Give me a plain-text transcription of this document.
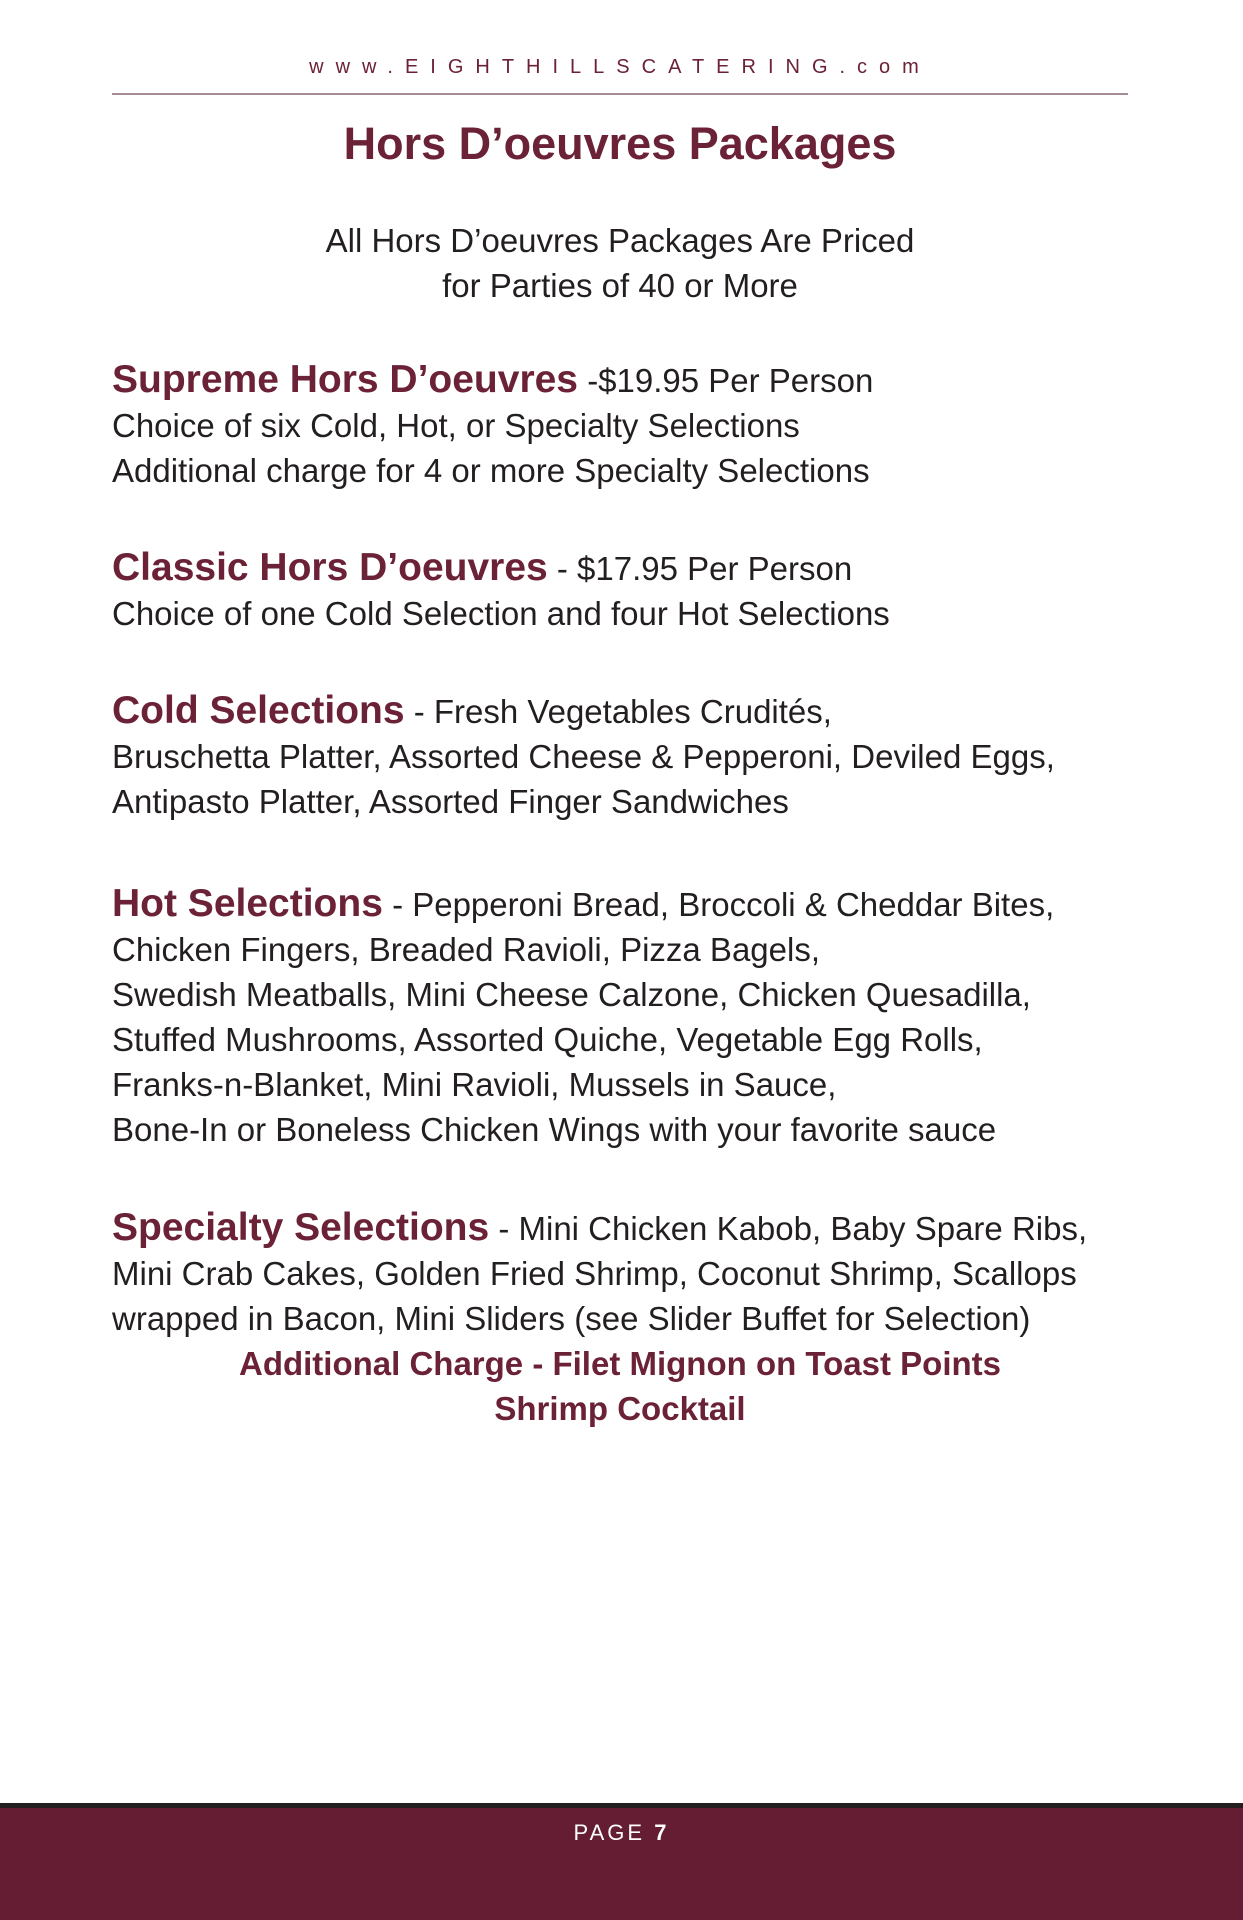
www.EIGHTHILLSCATERING.com
Hors D’oeuvres Packages
All Hors D’oeuvres Packages Are Priced
for Parties of 40 or More
Supreme Hors D’oeuvres -$19.95 Per Person
Choice of six Cold, Hot, or Specialty Selections
Additional charge for 4 or more Specialty Selections
Classic Hors D’oeuvres - $17.95 Per Person
Choice of one Cold Selection and four Hot Selections
Cold Selections - Fresh Vegetables Crudités,
Bruschetta Platter, Assorted Cheese & Pepperoni, Deviled Eggs,
Antipasto Platter, Assorted Finger Sandwiches
Hot Selections - Pepperoni Bread, Broccoli & Cheddar Bites,
Chicken Fingers, Breaded Ravioli, Pizza Bagels,
Swedish Meatballs, Mini Cheese Calzone, Chicken Quesadilla,
Stuffed Mushrooms, Assorted Quiche, Vegetable Egg Rolls,
Franks-n-Blanket, Mini Ravioli, Mussels in Sauce,
Bone-In or Boneless Chicken Wings with your favorite sauce
Specialty Selections - Mini Chicken Kabob, Baby Spare Ribs,
Mini Crab Cakes, Golden Fried Shrimp, Coconut Shrimp, Scallops
wrapped in Bacon, Mini Sliders (see Slider Buffet for Selection)
Additional Charge - Filet Mignon on Toast Points
Shrimp Cocktail
PAGE 7
